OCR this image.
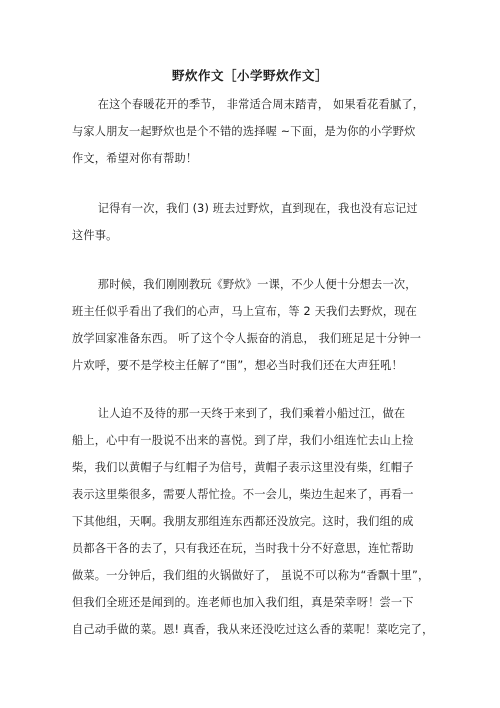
野炊作文［小学野炊作文］
在这个春暖花开的季节， 非常适合周末踏青， 如果看花看腻了，
与家人朋友一起野炊也是个不错的选择喔 ~下面，是为你的小学野炊
作文，希望对你有帮助！
记得有一次，我们 (3) 班去过野炊，直到现在，我也没有忘记过
这件事。
那时候，我们刚刚教玩《野炊》一课，不少人便十分想去一次，
班主任似乎看出了我们的心声，马上宣布，等 2 天我们去野炊，现在
放学回家准备东西。 听了这个令人振奋的消息， 我们班足足十分钟一
片欢呼，要不是学校主任解了“围”，想必当时我们还在大声狂吼！
让人迫不及待的那一天终于来到了，我们乘着小船过江，做在
船上，心中有一股说不出来的喜悦。到了岸，我们小组连忙去山上捡
柴，我们以黄帽子与红帽子为信号，黄帽子表示这里没有柴，红帽子
表示这里柴很多，需要人帮忙捡。不一会儿，柴边生起来了，再看一
下其他组，天啊。我朋友那组连东西都还没放完。这时，我们组的成
员都各干各的去了，只有我还在玩，当时我十分不好意思，连忙帮助
做菜。一分钟后，我们组的火锅做好了， 虽说不可以称为“香飘十里”，
但我们全班还是闻到的。连老师也加入我们组，真是荣幸呀！尝一下
自己动手做的菜。恩! 真香，我从来还没吃过这么香的菜呢！菜吃完了，
